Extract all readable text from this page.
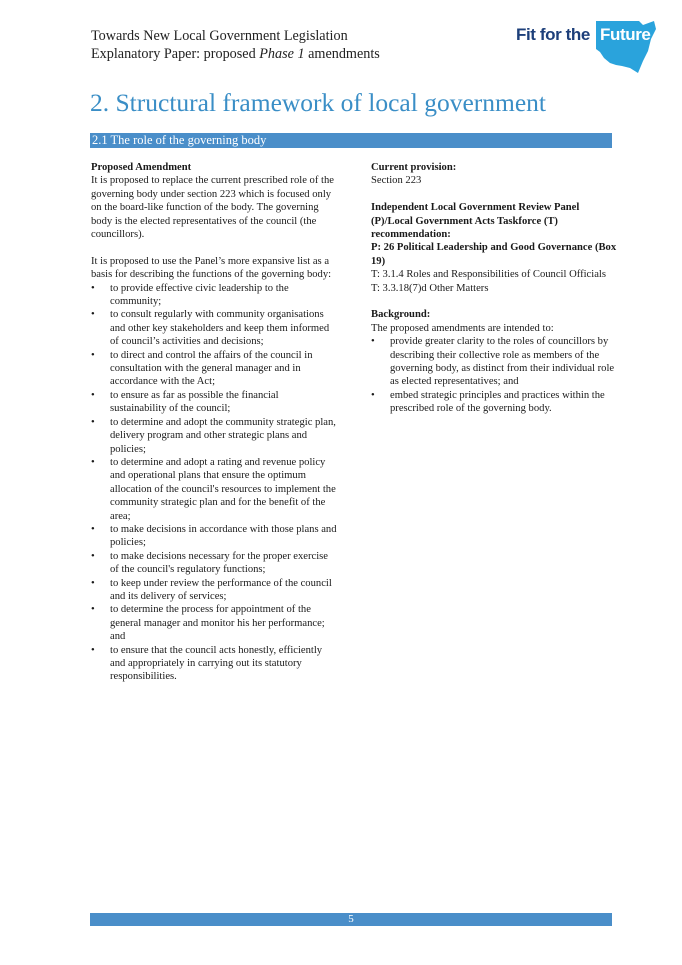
Towards New Local Government Legislation
Explanatory Paper: proposed Phase 1 amendments
Fit for the Future
2. Structural framework of local government
2.1 The role of the governing body
Proposed Amendment
It is proposed to replace the current prescribed role of the governing body under section 223 which is focused only on the board-like function of the body. The governing body is the elected representatives of the council (the councillors).
It is proposed to use the Panel’s more expansive list as a basis for describing the functions of the governing body:
• to provide effective civic leadership to the community;
• to consult regularly with community organisations and other key stakeholders and keep them informed of council’s activities and decisions;
• to direct and control the affairs of the council in consultation with the general manager and in accordance with the Act;
• to ensure as far as possible the financial sustainability of the council;
• to determine and adopt the community strategic plan, delivery program and other strategic plans and policies;
• to determine and adopt a rating and revenue policy and operational plans that ensure the optimum allocation of the council's resources to implement the community strategic plan and for the benefit of the area;
• to make decisions in accordance with those plans and policies;
• to make decisions necessary for the proper exercise of the council's regulatory functions;
• to keep under review the performance of the council and its delivery of services;
• to determine the process for appointment of the general manager and monitor his her performance; and
• to ensure that the council acts honestly, efficiently and appropriately in carrying out its statutory responsibilities.
Current provision:
Section 223
Independent Local Government Review Panel (P)/Local Government Acts Taskforce (T) recommendation:
P: 26 Political Leadership and Good Governance (Box 19)
T: 3.1.4 Roles and Responsibilities of Council Officials
T: 3.3.18(7)d Other Matters
Background:
The proposed amendments are intended to:
• provide greater clarity to the roles of councillors by describing their collective role as members of the governing body, as distinct from their individual role as elected representatives; and
• embed strategic principles and practices within the prescribed role of the governing body.
5
